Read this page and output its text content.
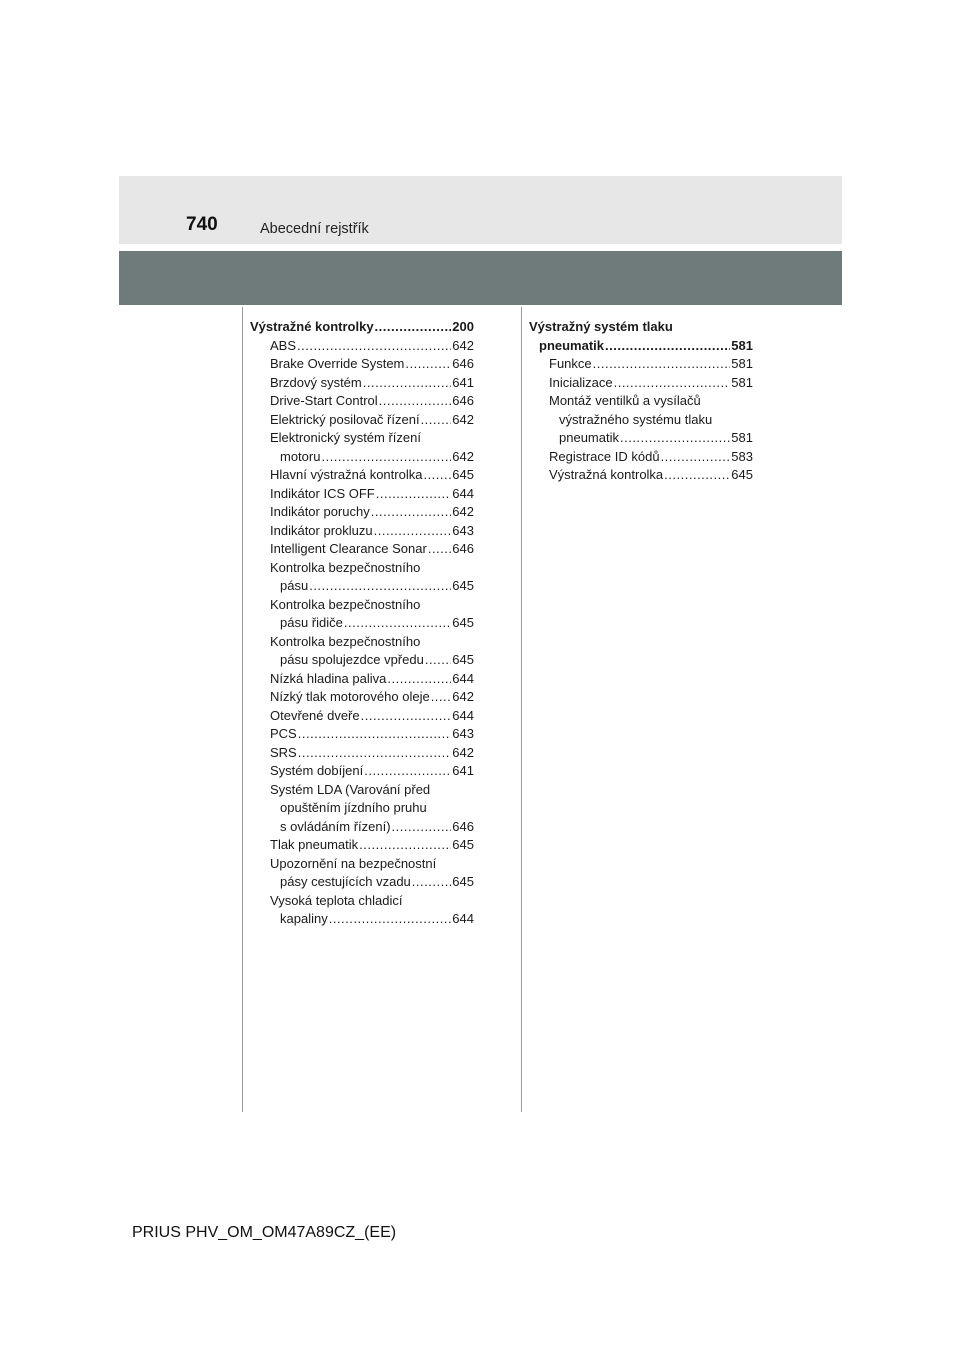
740	Abecední rejstřík
Výstražné kontrolky .....	200
ABS .....	642
Brake Override System .....	646
Brzdový systém .....	641
Drive-Start Control .....	646
Elektrický posilovač řízení .....	642
Elektronický systém řízení
motoru .....	642
Hlavní výstražná kontrolka ..... 645
Indikátor ICS OFF .....	644
Indikátor poruchy .....	642
Indikátor prokluzu .....	643
Intelligent Clearance Sonar ..... 646
Kontrolka bezpečnostního
pásu .....	645
Kontrolka bezpečnostního
pásu řidiče .....	645
Kontrolka bezpečnostního
pásu spolujezdce vpředu ..... 645
Nízká hladina paliva .....	644
Nízký tlak motorového oleje ..... 642
Otevřené dveře .....	644
PCS .....	643
SRS .....	642
Systém dobíjení .....	641
Systém LDA (Varování před
opuštěním jízdního pruhu
s ovládáním řízení) .....	646
Tlak pneumatik .....	645
Upozornění na bezpečnostní
pásy cestujících vzadu .....	645
Vysoká teplota chladicí
kapaliny .....	644
Výstražný systém tlaku
pneumatik .....	581
Funkce .....	581
Inicializace .....	581
Montáž ventilků a vysílačů
výstražného systému tlaku
pneumatik .....	581
Registrace ID kódů .....	583
Výstražná kontrolka .....	645
PRIUS PHV_OM_OM47A89CZ_(EE)
